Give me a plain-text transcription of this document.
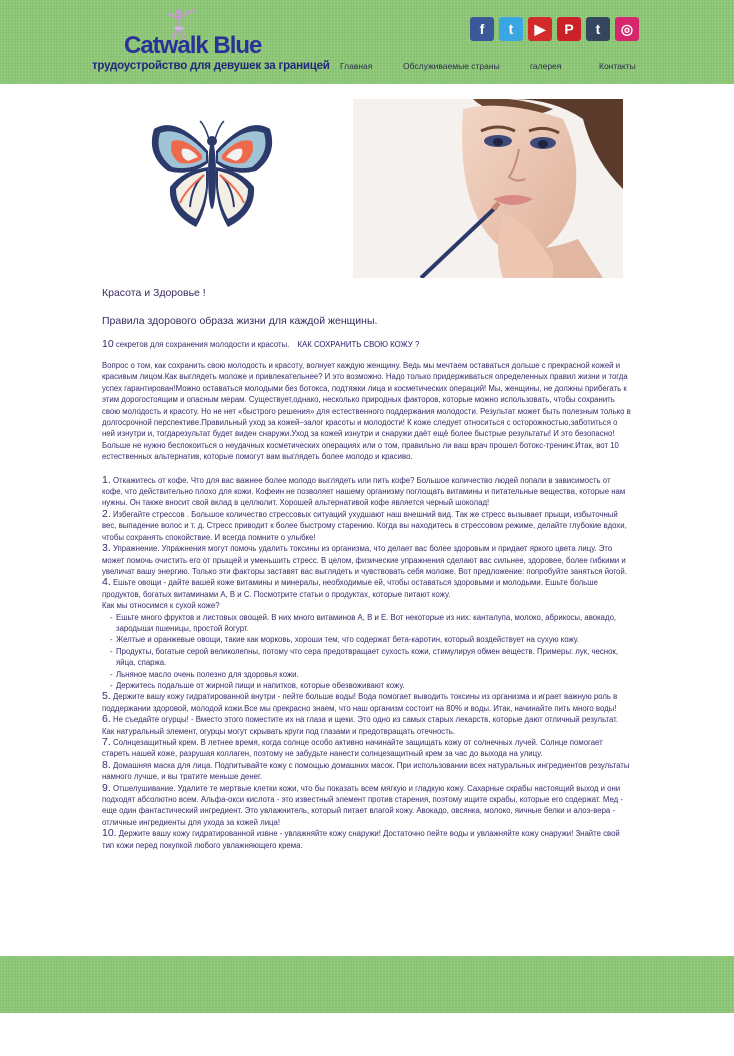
Catwalk Blue
трудоустройство для девушек за границей
f	t	▶	P	t	◎
Главная	Обслуживаемые страны	галерея	Контакты
Красота и Здоровье !
Правила здорового образа жизни для каждой женщины.
10 секретов для сохранения молодости и красоты. КАК СОХРАНИТЬ СВОЮ КОЖУ ?
Вопрос о том, как сохранить свою молодость и красоту, волнует каждую женщину. Ведь мы мечтаем оставаться дольше с прекрасной кожей и красивым лицом.Как выглядеть моложе и привлекательнее? И это возможно. Надо только придерживаться определенных правил жизни и тогда успех гарантирован!Можно оставаться молодыми без ботокса, подтяжки лица и косметических операций! Мы, женщины, не должны прибегать к этим дорогостоящим и опасным мерам. Существует,однако, несколько природных факторов, которые можно использовать, чтобы сохранить свою молодость и красоту. Но не нет «быстрого решения» для естественного поддержания молодости. Результат может быть полезным только в долгосрочной перспективе.Правильный уход за кожей–залог красоты и молодости! К коже следует относиться с осторожностью,заботиться о ней изнутри и, тогдарезультат будет виден снаружи.Уход за кожей изнутри и снаружи даёт ещё более быстрые результаты! И это безопасно! Больше не нужно беспокоиться о неудачных косметических операциях или о том, правильно ли ваш врач прошел ботокс-тренинг.Итак, вот 10 естественных альтернатив, которые помогут вам выглядеть более молодо и красиво.
1. Откажитесь от кофе. Что для вас важнее более молодо выглядеть или пить кофе? Большое количество людей попали в зависимость от кофе, что действительно плохо для кожи. Кофеин не позволяет нашему организму поглощать витамины и питательные вещества, которые нам нужны. Он также вносит свой вклад в целлюлит. Хорошей альтернативой кофе является черный шоколад!
2. Избегайте стрессов . Большое количество стрессовых ситуаций ухудшают наш внешний вид. Так же стресс вызывает прыщи, избыточный вес, выпадение волос и т. д. Стресс приводит к более быстрому старению. Когда вы находитесь в стрессовом режиме, делайте глубокие вдохи, чтобы сохранять спокойствие. И всегда помните о улыбке!
3. Упражнение. Упражнения могут помочь удалить токсины из организма, что делает вас более здоровым и придает яркого цвета лицу. Это может помочь очистить его от прыщей и уменьшить стресс. В целом, физические упражнения сделают вас сильнее, здоровее, более гибкими и увеличат вашу энергию. Только эти факторы заставят вас выглядеть и чувствовать себя моложе. Вот предложение: попробуйте заняться йогой.
4. Ешьте овощи - дайте вашей коже витамины и минералы, необходимые ей, чтобы оставаться здоровыми и молодыми. Ешьте больше продуктов, богатых витаминами A, B и C. Посмотрите статьи о продуктах, которые питают кожу.
Как мы относимся к сухой коже?
- Ешьте много фруктов и листовых овощей. В них много витаминов A, B и E. Вот некоторые из них: канталупа, молоко, абрикосы, авокадо, зародыши пшеницы, простой йогурт.
- Желтые и оранжевые овощи, такие как морковь, хороши тем, что содержат бета-каротин, который воздействует на сухую кожу.
- Продукты, богатые серой великолепны, потому что сера предотвращает сухость кожи, стимулируя обмен веществ. Примеры: лук, чеснок, яйца, спаржа.
- Льняное масло очень полезно для здоровья кожи.
- Держитесь подальше от жирной пищи и напитков, которые обезвоживают кожу.
5. Держите вашу кожу гидратированной внутри - пейте больше воды! Вода помогает выводить токсины из организма и играет важную роль в поддержании здоровой, молодой кожи.Все мы прекрасно знаем, что наш организм состоит на 80% и воды. Итак, начинайте пить много воды!
6. Не съедайте огурцы! - Вместо этого поместите их на глаза и щеки. Это одно из самых старых лекарств, которые дают отличный результат. Как натуральный элемент, огурцы могут скрывать круги под глазами и предотвращать отечность.
7. Солнцезащитный крем. В летнее время, когда солнце особо активно начинайте защищать кожу от солнечных лучей. Солнце помогает стареть нашей коже, разрушая коллаген, поэтому не забудьте нанести солнцезащитный крем за час до выхода на улицу.
8. Домашняя маска для лица. Подпитывайте кожу с помощью домашних масок. При использовании всех натуральных ингредиентов результаты намного лучше, и вы тратите меньше денег.
9. Отшелушивание. Удалите те мертвые клетки кожи, что бы показать всем мягкую и гладкую кожу. Сахарные скрабы настоящий выход и они подходят абсолютно всем. Альфа-окси кислота - это известный элемент против старения, поэтому ищите скрабы, которые его содержат. Мед - еще один фантастический ингредиент. Это увлажнитель, который питает влагой кожу. Авокадо, овсянка, молоко, яичные белки и алоэ-вера - отличные ингредиенты для ухода за кожей лица!
10. Держите вашу кожу гидратированной извне - увлажняйте кожу снаружи! Достаточно пейте воды и увлажняйте кожу снаружи! Знайте свой тип кожи перед покупкой любого увлажняющего крема.
